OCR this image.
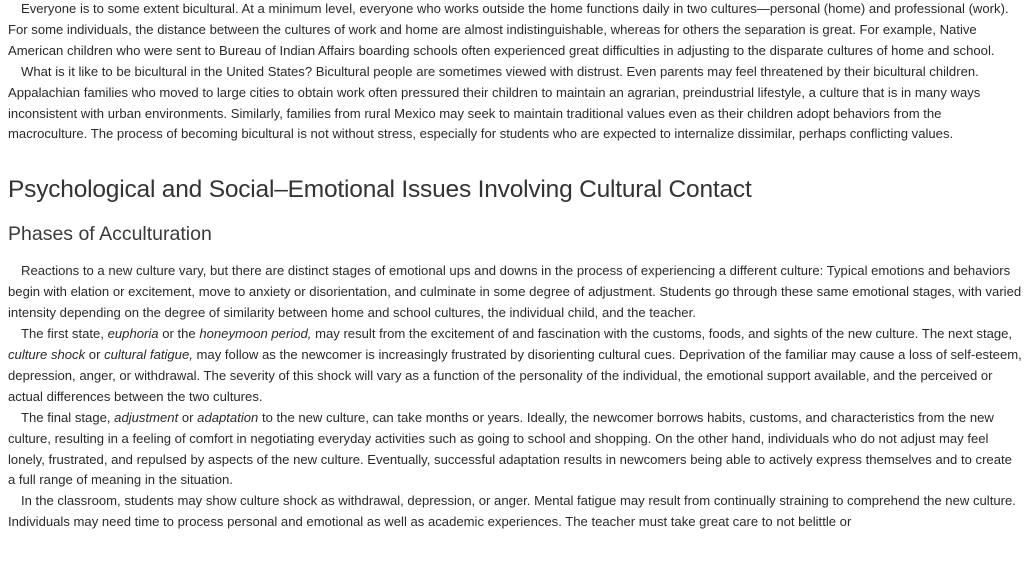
Everyone is to some extent bicultural. At a minimum level, everyone who works outside the home functions daily in two cultures—personal (home) and professional (work). For some individuals, the distance between the cultures of work and home are almost indistinguishable, whereas for others the separation is great. For example, Native American children who were sent to Bureau of Indian Affairs boarding schools often experienced great difficulties in adjusting to the disparate cultures of home and school.

What is it like to be bicultural in the United States? Bicultural people are sometimes viewed with distrust. Even parents may feel threatened by their bicultural children. Appalachian families who moved to large cities to obtain work often pressured their children to maintain an agrarian, preindustrial lifestyle, a culture that is in many ways inconsistent with urban environments. Similarly, families from rural Mexico may seek to maintain traditional values even as their children adopt behaviors from the macroculture. The process of becoming bicultural is not without stress, especially for students who are expected to internalize dissimilar, perhaps conflicting values.

Psychological and Social–Emotional Issues Involving Cultural Contact
Phases of Acculturation

Reactions to a new culture vary, but there are distinct stages of emotional ups and downs in the process of experiencing a different culture: Typical emotions and behaviors begin with elation or excitement, move to anxiety or disorientation, and culminate in some degree of adjustment. Students go through these same emotional stages, with varied intensity depending on the degree of similarity between home and school cultures, the individual child, and the teacher.

The first state, euphoria or the honeymoon period, may result from the excitement of and fascination with the customs, foods, and sights of the new culture. The next stage, culture shock or cultural fatigue, may follow as the newcomer is increasingly frustrated by disorienting cultural cues. Deprivation of the familiar may cause a loss of self-esteem, depression, anger, or withdrawal. The severity of this shock will vary as a function of the personality of the individual, the emotional support available, and the perceived or actual differences between the two cultures.

The final stage, adjustment or adaptation to the new culture, can take months or years. Ideally, the newcomer borrows habits, customs, and characteristics from the new culture, resulting in a feeling of comfort in negotiating everyday activities such as going to school and shopping. On the other hand, individuals who do not adjust may feel lonely, frustrated, and repulsed by aspects of the new culture. Eventually, successful adaptation results in newcomers being able to actively express themselves and to create a full range of meaning in the situation.

In the classroom, students may show culture shock as withdrawal, depression, or anger. Mental fatigue may result from continually straining to comprehend the new culture. Individuals may need time to process personal and emotional as well as academic experiences. The teacher must take great care to not belittle or
